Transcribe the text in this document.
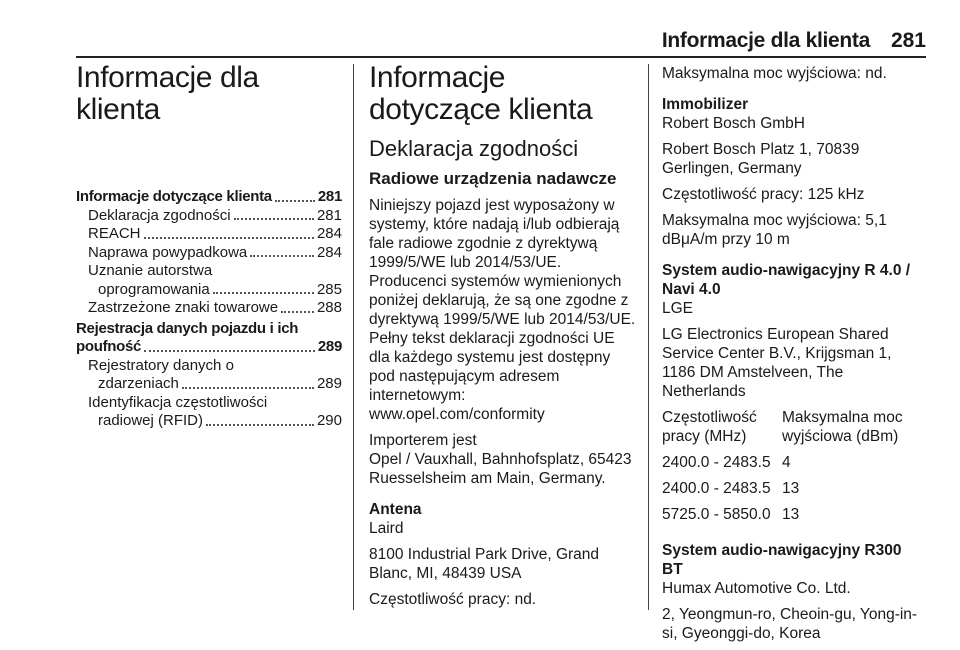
Informacje dla klienta 281
Informacje dla
klienta
Informacje dotyczące klienta	281
Deklaracja zgodności	281
REACH	284
Naprawa powypadkowa	284
Uznanie autorstwa
oprogramowania	285
Zastrzeżone znaki towarowe	288
Rejestracja danych pojazdu i ich
poufność	289
Rejestratory danych o
zdarzeniach	289
Identyfikacja częstotliwości
radiowej (RFID)	290
Informacje dotyczące klienta
Deklaracja zgodności
Radiowe urządzenia nadawcze

Niniejszy pojazd jest wyposażony w systemy, które nadają i/lub odbierają fale radiowe zgodnie z dyrektywą 1999/5/WE lub 2014/53/UE. Producenci systemów wymienionych poniżej deklarują, że są one zgodne z dyrektywą 1999/5/WE lub 2014/53/UE. Pełny tekst deklaracji zgodności UE dla każdego systemu jest dostępny pod następującym adresem internetowym:

www.opel.com/conformity

Importerem jest

Opel / Vauxhall, Bahnhofsplatz, 65423 Ruesselsheim am Main, Germany.

Antena

Laird

8100 Industrial Park Drive, Grand Blanc, MI, 48439 USA

Częstotliwość pracy: nd.

Maksymalna moc wyjściowa: nd.

Immobilizer

Robert Bosch GmbH

Robert Bosch Platz 1, 70839 Gerlingen, Germany

Częstotliwość pracy: 125 kHz

Maksymalna moc wyjściowa: 5,1 dBμA/m przy 10 m

System audio-nawigacyjny R 4.0 / Navi 4.0

LGE

LG Electronics European Shared Service Center B.V., Krijgsman 1, 1186 DM Amstelveen, The Netherlands

Częstotliwość pracy (MHz)	Maksymalna moc wyjściowa (dBm)
2400.0 - 2483.5	4
2400.0 - 2483.5	13
5725.0 - 5850.0	13

System audio-nawigacyjny R300 BT

Humax Automotive Co. Ltd.

2, Yeongmun-ro, Cheoin-gu, Yong-in-si, Gyeonggi-do, Korea
